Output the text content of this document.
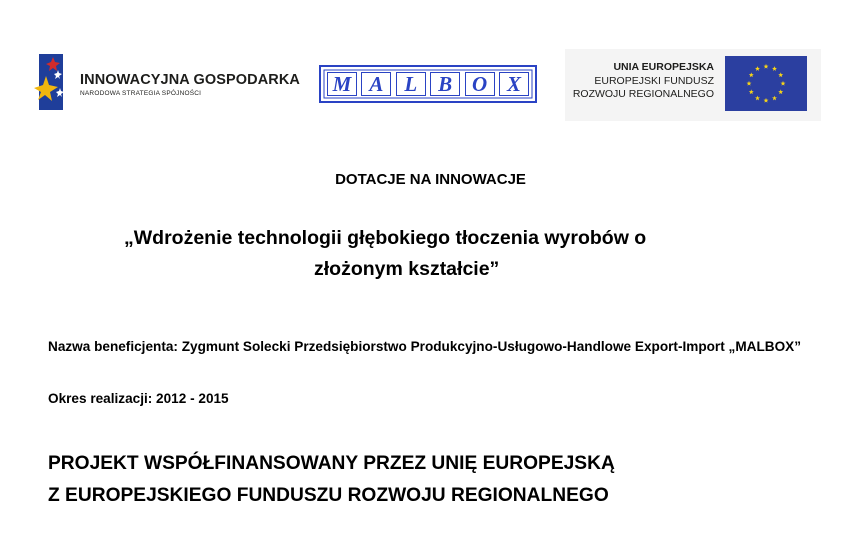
INNOWACYJNA GOSPODARKA
NARODOWA STRATEGIA SPÓJNOŚCI	M A L B O X
UNIA EUROPEJSKA
EUROPEJSKI FUNDUSZ
ROZWOJU REGIONALNEGO
DOTACJE NA INNOWACJE
„Wdrożenie technologii głębokiego tłoczenia wyrobów o
złożonym kształcie”
Nazwa beneficjenta: Zygmunt Solecki Przedsiębiorstwo Produkcyjno-Usługowo-Handlowe Export-Import „MALBOX”
Okres realizacji: 2012 - 2015
PROJEKT WSPÓŁFINANSOWANY PRZEZ UNIĘ EUROPEJSKĄ
Z EUROPEJSKIEGO FUNDUSZU ROZWOJU REGIONALNEGO
